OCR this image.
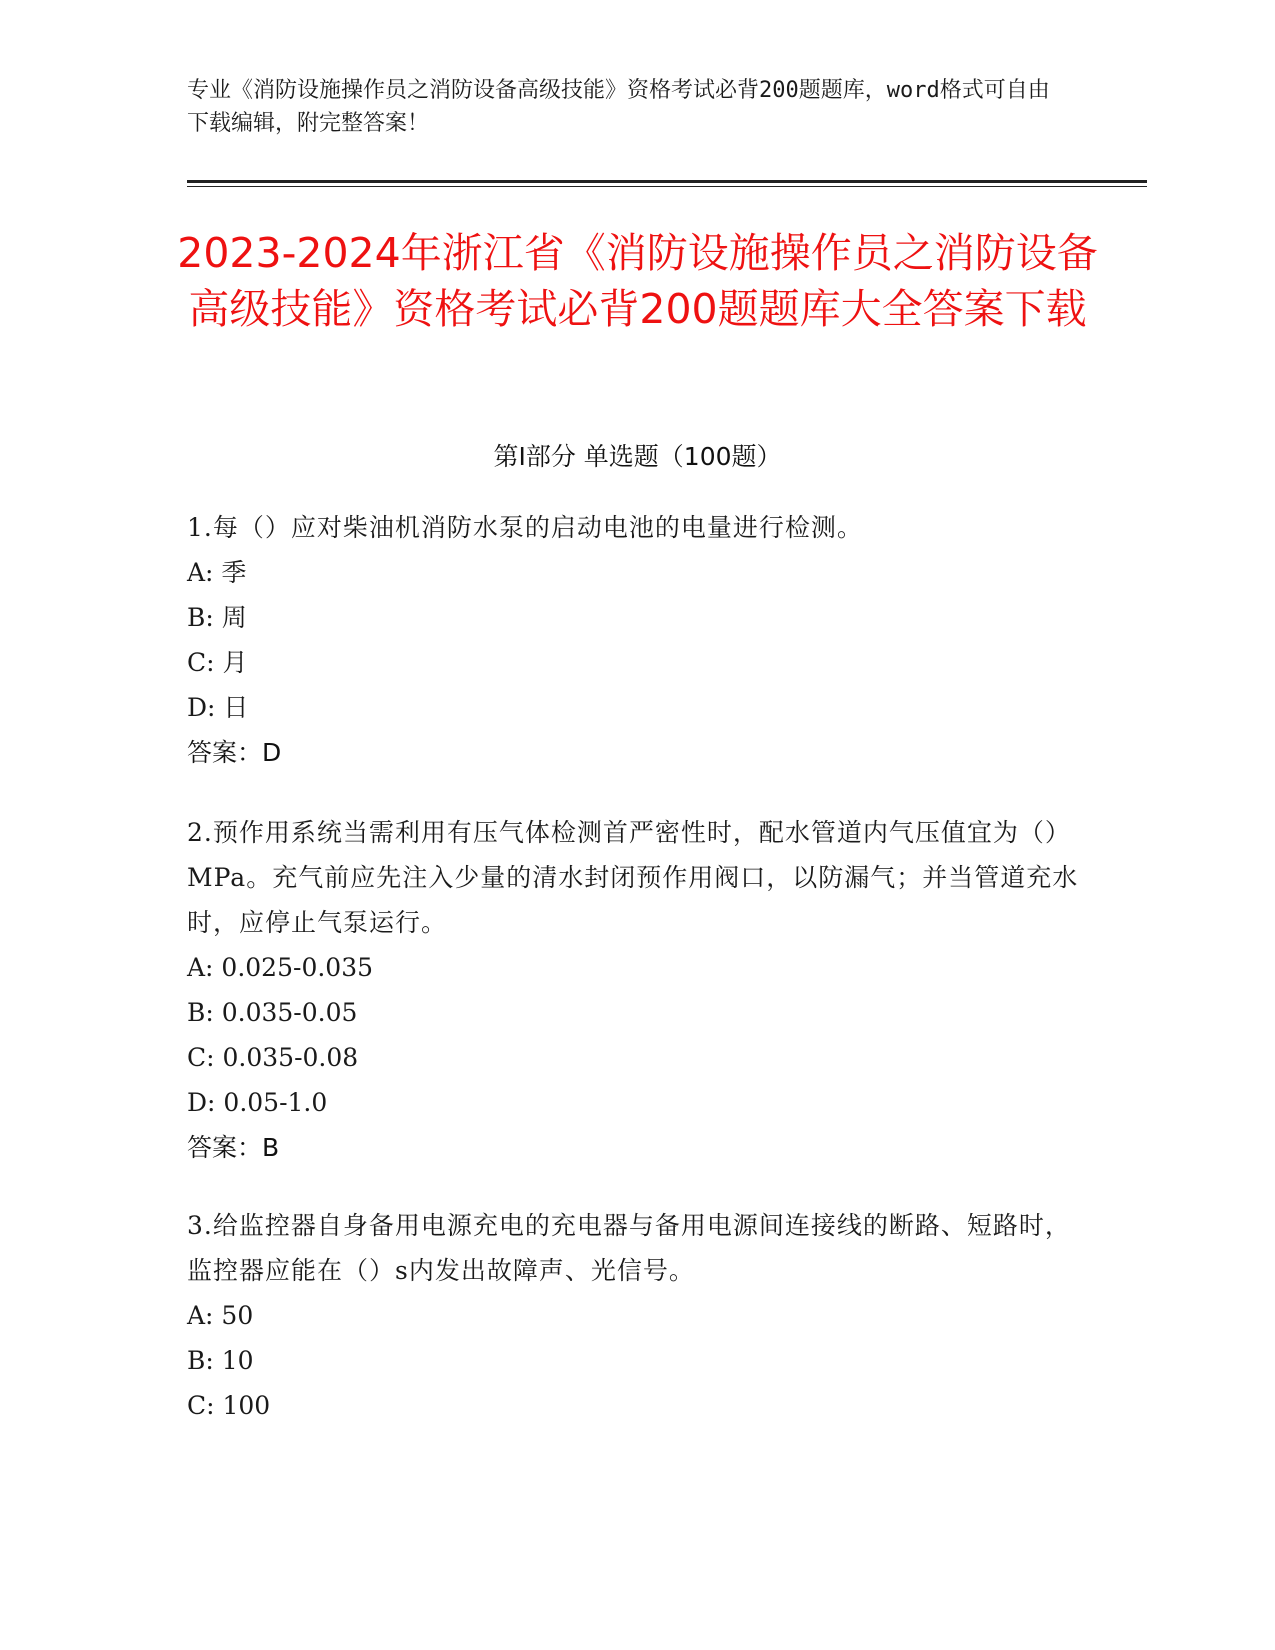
专业《消防设施操作员之消防设备高级技能》资格考试必背200题题库，word格式可自由下载编辑，附完整答案！
2023-2024年浙江省《消防设施操作员之消防设备高级技能》资格考试必背200题题库大全答案下载
第Ⅰ部分 单选题（100题）
1.每（）应对柴油机消防水泵的启动电池的电量进行检测。
A: 季
B: 周
C: 月
D: 日
答案：D
2.预作用系统当需利用有压气体检测首严密性时，配水管道内气压值宜为（）MPa。充气前应先注入少量的清水封闭预作用阀口，以防漏气；并当管道充水时，应停止气泵运行。
A: 0.025-0.035
B: 0.035-0.05
C: 0.035-0.08
D: 0.05-1.0
答案：B
3.给监控器自身备用电源充电的充电器与备用电源间连接线的断路、短路时，监控器应能在（）s内发出故障声、光信号。
A: 50
B: 10
C: 100
